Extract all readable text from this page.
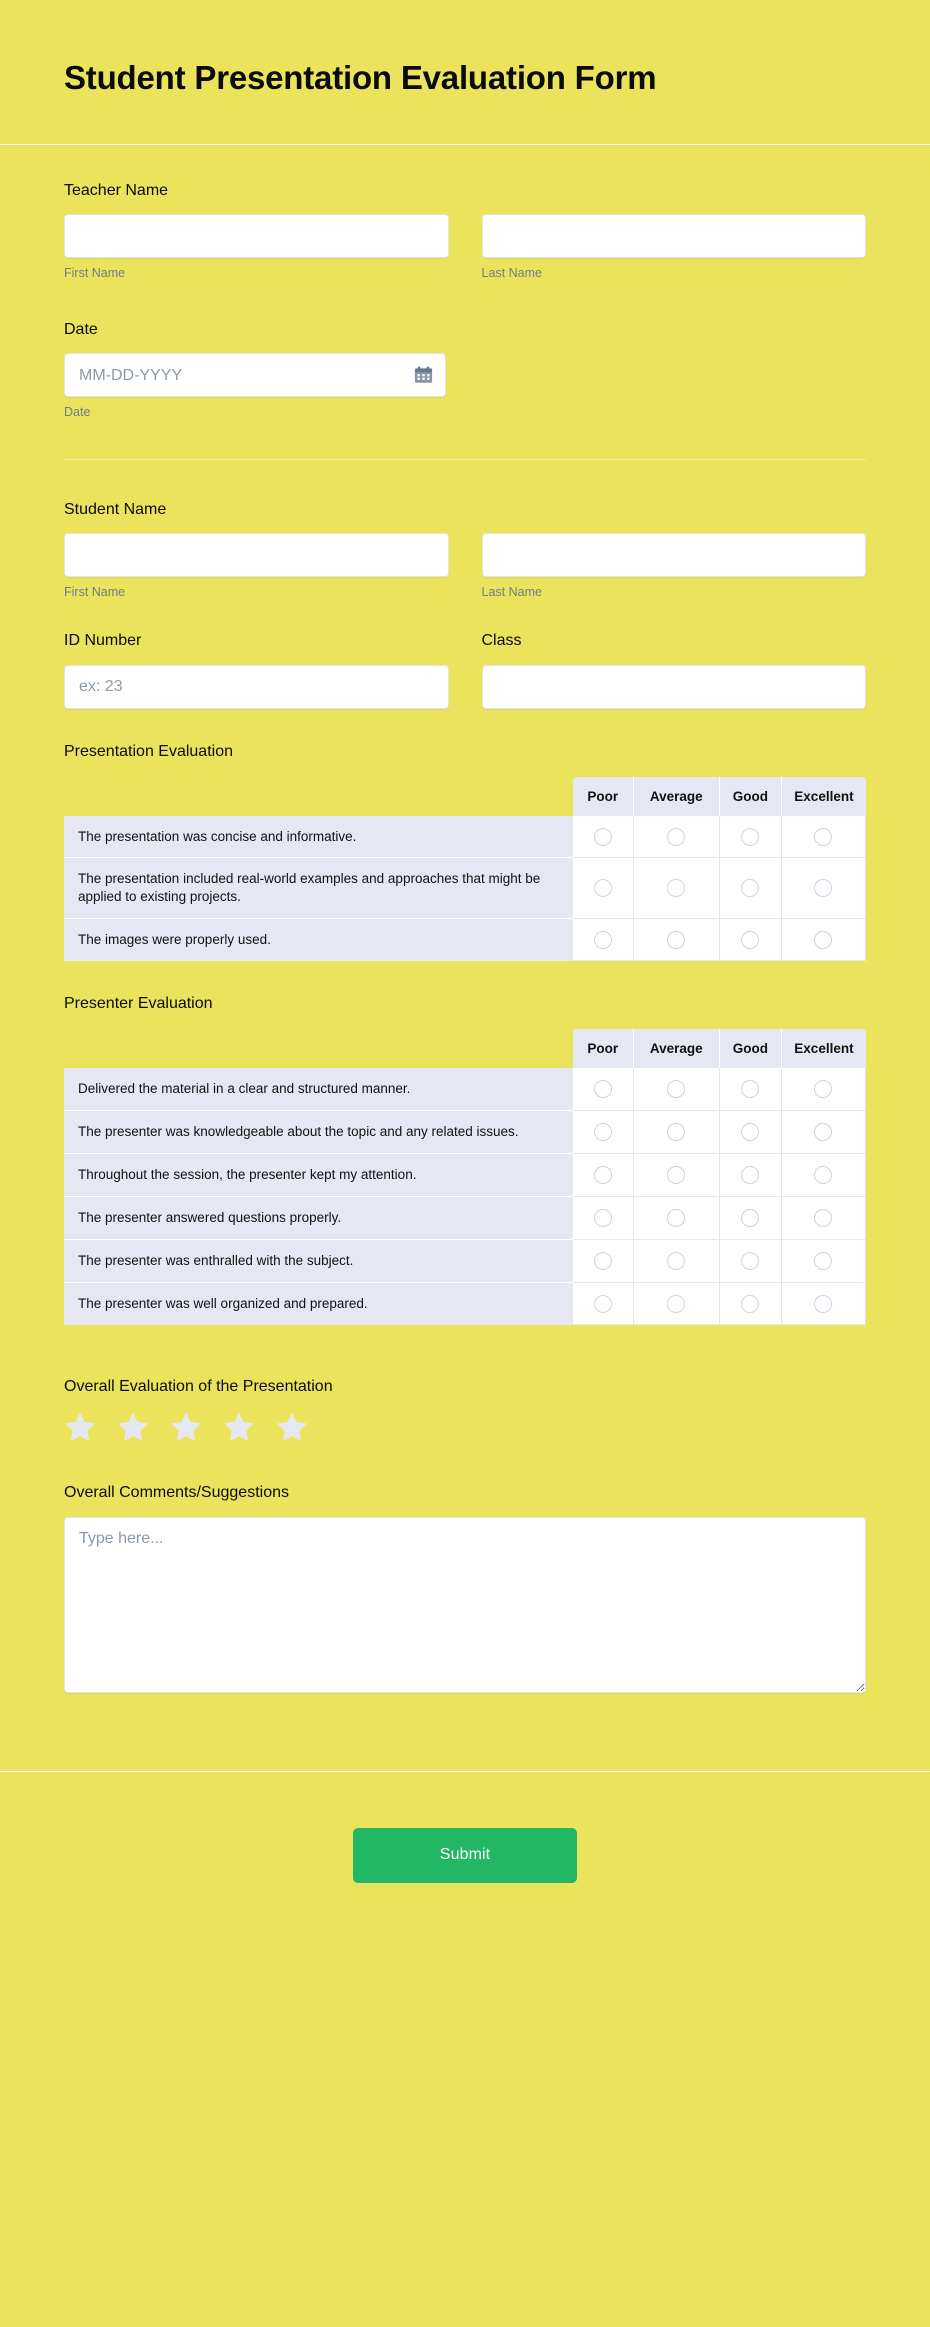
Student Presentation Evaluation Form
Teacher Name
First Name	Last Name
Date
MM-DD-YYYY
Date
Student Name
First Name	Last Name
ID Number
ex: 23	Class
Presentation Evaluation
	Poor	Average	Good	Excellent
The presentation was concise and informative.				
The presentation included real-world examples and approaches that might be applied to existing projects.				
The images were properly used.				
Presenter Evaluation
	Poor	Average	Good	Excellent
Delivered the material in a clear and structured manner.				
The presenter was knowledgeable about the topic and any related issues.				
Throughout the session, the presenter kept my attention.				
The presenter answered questions properly.				
The presenter was enthralled with the subject.				
The presenter was well organized and prepared.				
Overall Evaluation of the Presentation
Overall Comments/Suggestions
Type here...
Submit
